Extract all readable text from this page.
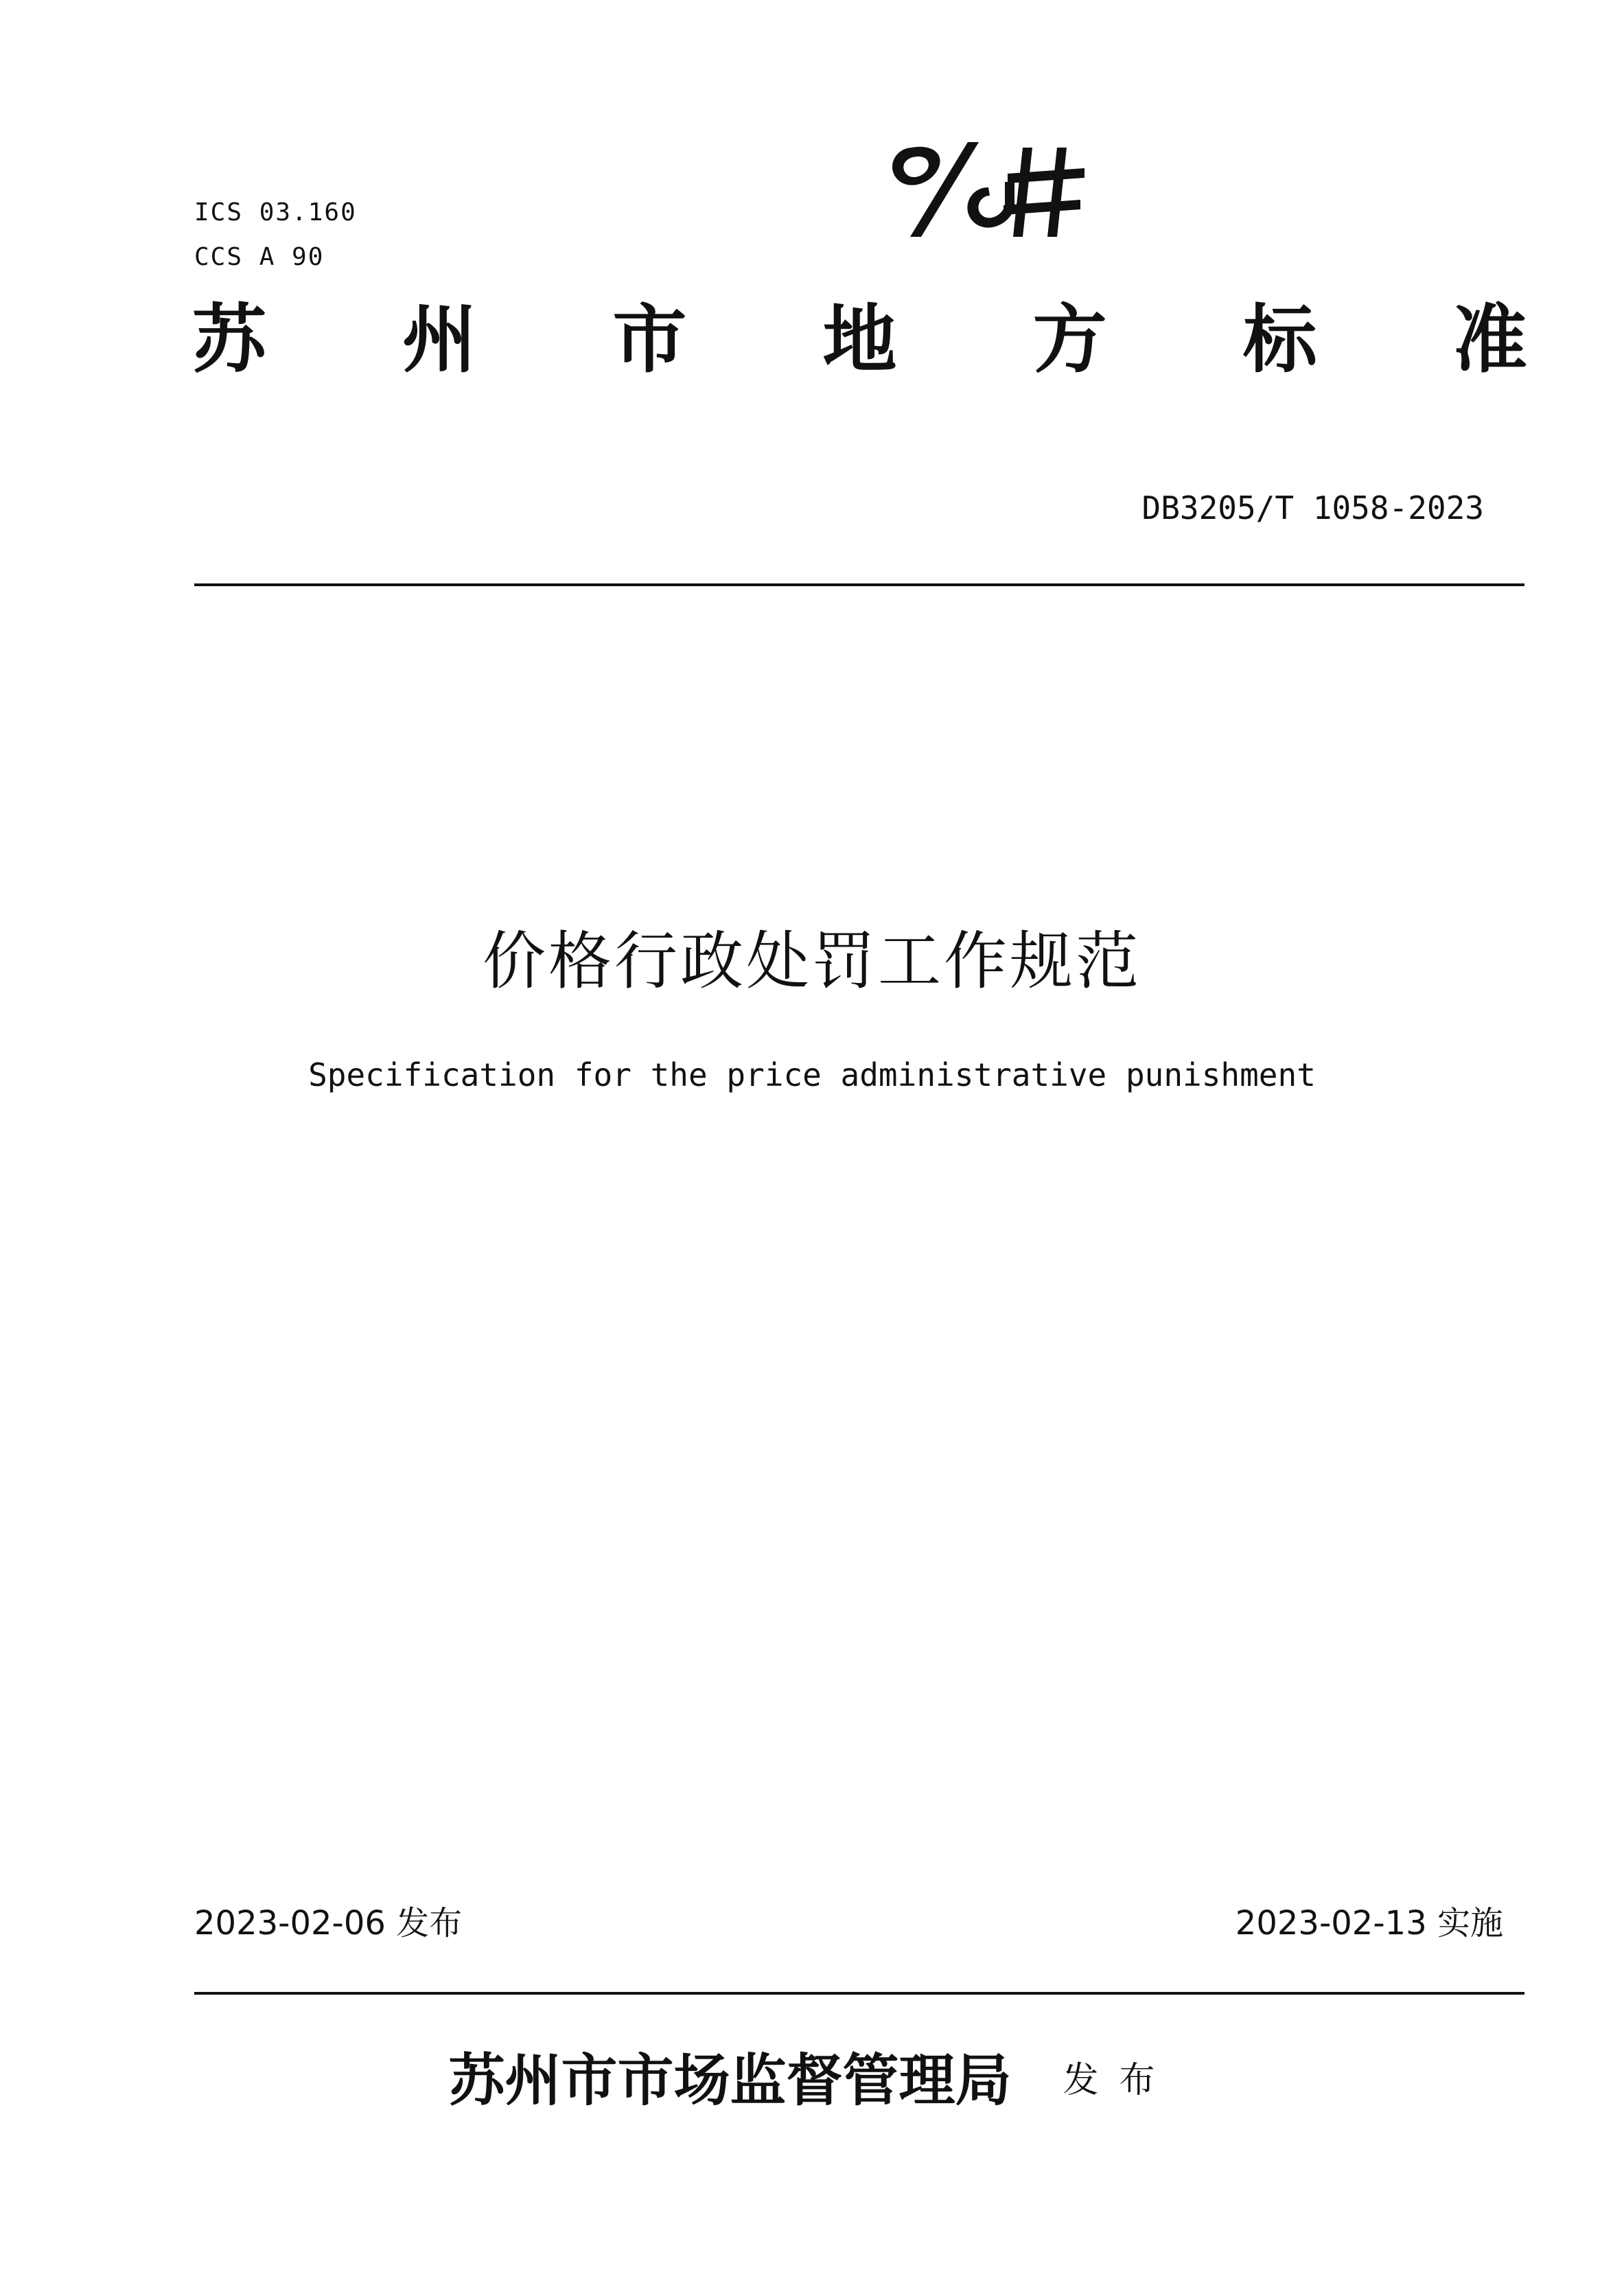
ICS 03.160
CCS A 90
苏 州 市 地 方 标 准
DB3205/T 1058-2023
价格行政处罚工作规范
Specification for the price administrative punishment
2023-02-06 发布	2023-02-13 实施
苏州市市场监督管理局 发布
